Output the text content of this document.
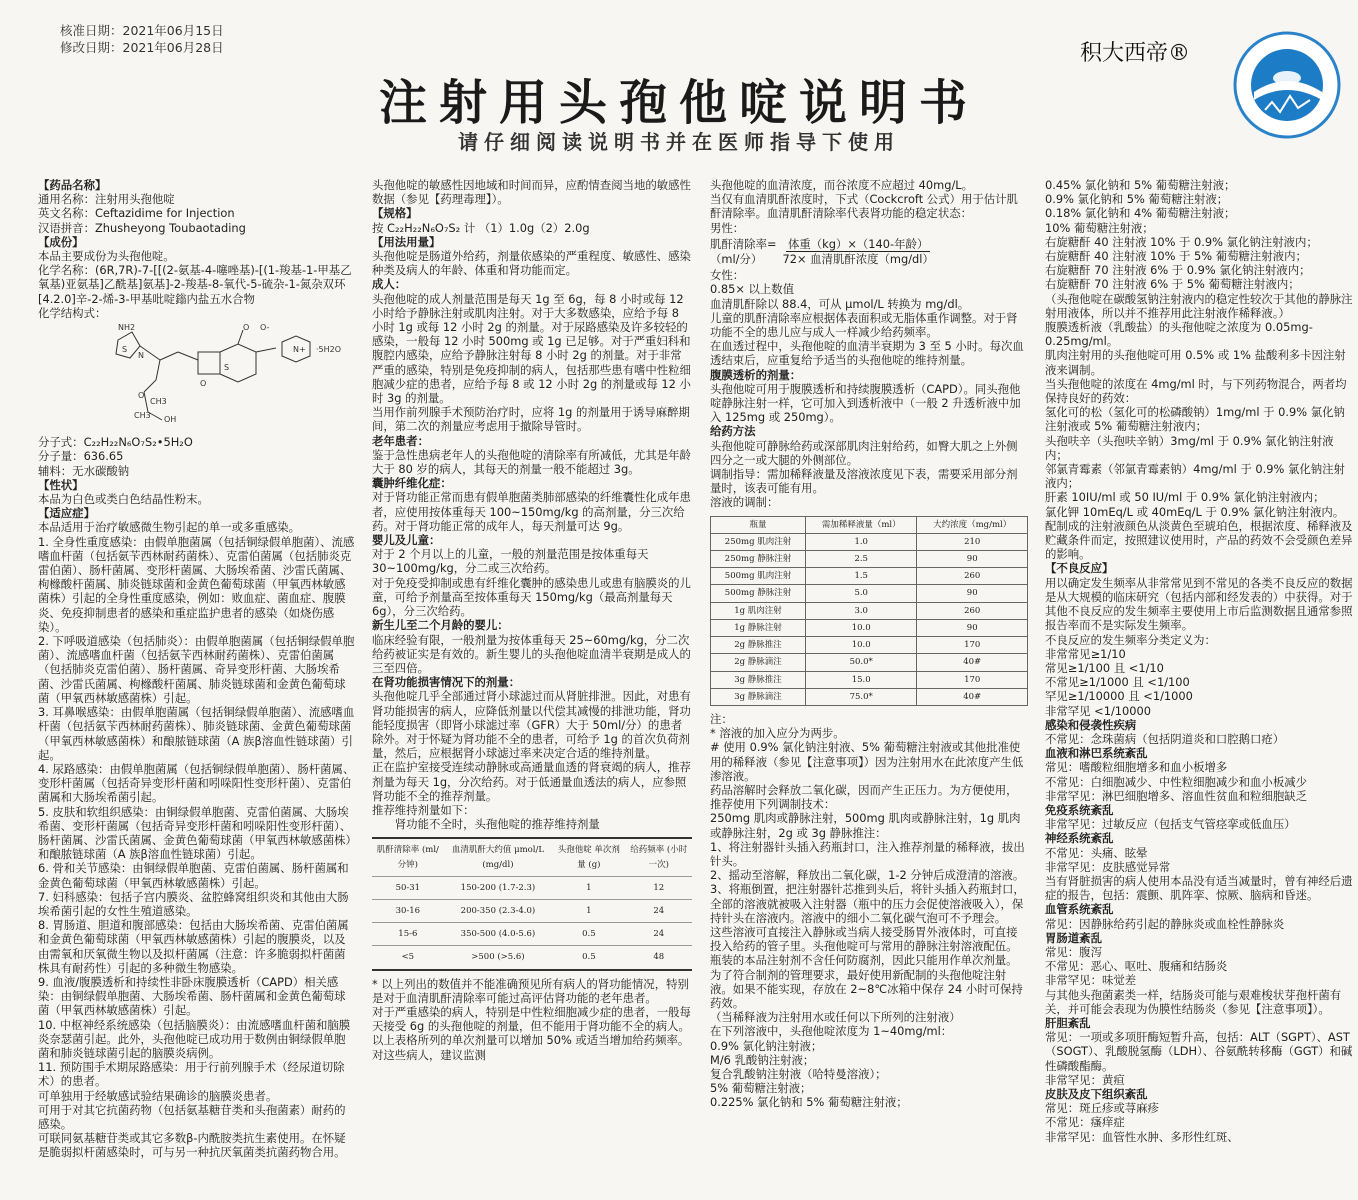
核准日期：2021年06月15日
修改日期：2021年06月28日	积大西帝®
注射用头孢他啶说明书
请仔细阅读说明书并在医师指导下使用

【药品名称】

通用名称：注射用头孢他啶

英文名称：Ceftazidime for Injection

汉语拼音：Zhusheyong Toubaotading

【成份】

本品主要成份为头孢他啶。

化学名称：(6R,7R)-7-[[(2-氨基-4-噻唑基)-[(1-羧基-1-甲基乙氧基)亚氨基]乙酰基]氨基]-2-羧基-8-氧代-5-硫杂-1-氮杂双环[4.2.0]辛-2-烯-3-甲基吡啶鎓内盐五水合物

化学结构式：

NH2
S
N
O
CH3
CH3 OH
O O-
O
S
N+ ·5H2O

分子式：C₂₂H₂₂N₆O₇S₂•5H₂O

分子量：636.65

辅料：无水碳酸钠

【性状】

本品为白色或类白色结晶性粉末。

【适应症】

本品适用于治疗敏感微生物引起的单一或多重感染。

1. 全身性重度感染：由假单胞菌属（包括铜绿假单胞菌）、流感嗜血杆菌（包括氨苄西林耐药菌株）、克雷伯菌属（包括肺炎克雷伯菌）、肠杆菌属、变形杆菌属、大肠埃希菌、沙雷氏菌属、枸橼酸杆菌属、肺炎链球菌和金黄色葡萄球菌（甲氧西林敏感菌株）引起的全身性重度感染，例如：败血症、菌血症、腹膜炎、免疫抑制患者的感染和重症监护患者的感染（如烧伤感染）。

2. 下呼吸道感染（包括肺炎）：由假单胞菌属（包括铜绿假单胞菌）、流感嗜血杆菌（包括氨苄西林耐药菌株）、克雷伯菌属（包括肺炎克雷伯菌）、肠杆菌属、奇异变形杆菌、大肠埃希菌、沙雷氏菌属、枸橼酸杆菌属、肺炎链球菌和金黄色葡萄球菌（甲氧西林敏感菌株）引起。

3. 耳鼻喉感染：由假单胞菌属（包括铜绿假单胞菌）、流感嗜血杆菌（包括氨苄西林耐药菌株）、肺炎链球菌、金黄色葡萄球菌（甲氧西林敏感菌株）和酿脓链球菌（A 族β溶血性链球菌）引起。

4. 尿路感染：由假单胞菌属（包括铜绿假单胞菌）、肠杆菌属、变形杆菌属（包括奇异变形杆菌和吲哚阳性变形杆菌）、克雷伯菌属和大肠埃希菌引起。

5. 皮肤和软组织感染：由铜绿假单胞菌、克雷伯菌属、大肠埃希菌、变形杆菌属（包括奇异变形杆菌和吲哚阳性变形杆菌）、肠杆菌属、沙雷氏菌属、金黄色葡萄球菌（甲氧西林敏感菌株）和酿脓链球菌（A 族β溶血性链球菌）引起。

6. 骨和关节感染：由铜绿假单胞菌、克雷伯菌属、肠杆菌属和金黄色葡萄球菌（甲氧西林敏感菌株）引起。

7. 妇科感染：包括子宫内膜炎、盆腔蜂窝组织炎和其他由大肠埃希菌引起的女性生殖道感染。

8. 胃肠道、胆道和腹部感染：包括由大肠埃希菌、克雷伯菌属和金黄色葡萄球菌（甲氧西林敏感菌株）引起的腹膜炎，以及由需氧和厌氧微生物以及拟杆菌属（注意：许多脆弱拟杆菌菌株具有耐药性）引起的多种微生物感染。

9. 血液/腹膜透析和持续性非卧床腹膜透析（CAPD）相关感染：由铜绿假单胞菌、大肠埃希菌、肠杆菌属和金黄色葡萄球菌（甲氧西林敏感菌株）引起。

10. 中枢神经系统感染（包括脑膜炎）：由流感嗜血杆菌和脑膜炎奈瑟菌引起。此外，头孢他啶已成功用于数例由铜绿假单胞菌和肺炎链球菌引起的脑膜炎病例。

11. 预防围手术期尿路感染：用于行前列腺手术（经尿道切除术）的患者。

可单独用于经敏感试验结果确诊的脑膜炎患者。

可用于对其它抗菌药物（包括氨基糖苷类和头孢菌素）耐药的感染。

可联同氨基糖苷类或其它多数β-内酰胺类抗生素使用。在怀疑是脆弱拟杆菌感染时，可与另一种抗厌氧菌类抗菌药物合用。

头孢他啶的敏感性因地域和时间而异，应酌情查阅当地的敏感性数据（参见【药理毒理】）。

【规格】

按 C₂₂H₂₂N₆O₇S₂ 计 （1）1.0g（2）2.0g

【用法用量】

头孢他啶是肠道外给药，剂量依感染的严重程度、敏感性、感染种类及病人的年龄、体重和肾功能而定。

成人：

头孢他啶的成人剂量范围是每天 1g 至 6g，每 8 小时或每 12 小时给予静脉注射或肌肉注射。对于大多数感染，应给予每 8 小时 1g 或每 12 小时 2g 的剂量。对于尿路感染及许多较轻的感染，一般每 12 小时 500mg 或 1g 已足够。对于严重妇科和腹腔内感染，应给予静脉注射每 8 小时 2g 的剂量。对于非常严重的感染，特别是免疫抑制的病人，包括那些患有嗜中性粒细胞减少症的患者，应给予每 8 或 12 小时 2g 的剂量或每 12 小时 3g 的剂量。

当用作前列腺手术预防治疗时，应将 1g 的剂量用于诱导麻醉期间，第二次的剂量应考虑用于撤除导管时。

老年患者：

鉴于急性患病老年人的头孢他啶的清除率有所减低，尤其是年龄大于 80 岁的病人，其每天的剂量一般不能超过 3g。

囊肿纤维化症：

对于肾功能正常而患有假单胞菌类肺部感染的纤维囊性化成年患者，应使用按体重每天 100~150mg/kg 的高剂量，分三次给药。对于肾功能正常的成年人，每天剂量可达 9g。

婴儿及儿童：

对于 2 个月以上的儿童，一般的剂量范围是按体重每天 30~100mg/kg，分二或三次给药。

对于免疫受抑制或患有纤维化囊肿的感染患儿或患有脑膜炎的儿童，可给予剂量高至按体重每天 150mg/kg（最高剂量每天 6g），分三次给药。

新生儿至二个月龄的婴儿：

临床经验有限，一般剂量为按体重每天 25~60mg/kg，分二次给药被证实是有效的。新生婴儿的头孢他啶血清半衰期是成人的三至四倍。

在肾功能损害情况下的剂量：

头孢他啶几乎全部通过肾小球滤过而从肾脏排泄。因此，对患有肾功能损害的病人，应降低剂量以代偿其减慢的排泄功能，肾功能轻度损害（即肾小球滤过率（GFR）大于 50ml/分）的患者除外。对于怀疑为肾功能不全的患者，可给予 1g 的首次负荷剂量，然后，应根据肾小球滤过率来决定合适的维持剂量。

正在监护室接受连续动静脉或高通量血透的肾衰竭的病人，推荐剂量为每天 1g，分次给药。对于低通量血透法的病人，应参照肾功能不全的推荐剂量。

推荐维持剂量如下：

　　肾功能不全时，头孢他啶的推荐维持剂量

肌酐清除率 (ml/分钟)	血清肌酐大约值 μmol/L (mg/dl)	头孢他啶 单次剂量 (g)	给药频率 (小时一次)
50-31	150-200 (1.7-2.3)	1	12
30-16	200-350 (2.3-4.0)	1	24
15-6	350-500 (4.0-5.6)	0.5	24
<5	>500 (>5.6)	0.5	48

* 以上列出的数值并不能准确预见所有病人的肾功能情况，特别是对于血清肌酐清除率可能过高评估肾功能的老年患者。

对于严重感染的病人，特别是中性粒细胞减少症的患者，一般每天接受 6g 的头孢他啶的剂量，但不能用于肾功能不全的病人。以上表格所列的单次剂量可以增加 50% 或适当增加给药频率。对这些病人，建议监测

头孢他啶的血清浓度，而谷浓度不应超过 40mg/L。

当仅有血清肌酐浓度时，下式（Cockcroft 公式）用于估计肌酐清除率。血清肌酐清除率代表肾功能的稳定状态：

男性：

肌酐清除率=
（ml/分）	$\frac{\text{体重（kg）×（140-年龄）}}{\text{72× 血清肌酐浓度（mg/dl）}}$

女性：

0.85× 以上数值

血清肌酐除以 88.4，可从 μmol/L 转换为 mg/dl。

儿童的肌酐清除率应根据体表面积或无脂体重作调整。对于肾功能不全的患儿应与成人一样减少给药频率。

在血透过程中，头孢他啶的血清半衰期为 3 至 5 小时。每次血透结束后，应重复给予适当的头孢他啶的维持剂量。

腹膜透析的剂量：

头孢他啶可用于腹膜透析和持续腹膜透析（CAPD）。同头孢他啶静脉注射一样，它可加入到透析液中（一般 2 升透析液中加入 125mg 或 250mg）。

给药方法

头孢他啶可静脉给药或深部肌肉注射给药，如臀大肌之上外侧四分之一或大腿的外侧部位。

调制指导：需加稀释液量及溶液浓度见下表，需要采用部分剂量时，该表可能有用。

溶液的调制：

瓶量	需加稀释液量（ml）	大约浓度（mg/ml）
250mg 肌肉注射	1.0	210
250mg 静脉注射	2.5	90
500mg 肌肉注射	1.5	260
500mg 静脉注射	5.0	90
1g 肌肉注射	3.0	260
1g 静脉注射	10.0	90
2g 静脉推注	10.0	170
2g 静脉滴注	50.0*	40#
3g 静脉推注	15.0	170
3g 静脉滴注	75.0*	40#

注：

* 溶液的加入应分为两步。

# 使用 0.9% 氯化钠注射液、5% 葡萄糖注射液或其他批准使用的稀释液（参见【注意事项】）因为注射用水在此浓度产生低渗溶液。

药品溶解时会释放二氧化碳，因而产生正压力。为方便使用，推荐使用下列调制技术：

250mg 肌肉或静脉注射，500mg 肌肉或静脉注射，1g 肌肉或静脉注射，2g 或 3g 静脉推注：

1、将注射器针头插入药瓶封口，注入推荐剂量的稀释液，拔出针头。

2、摇动至溶解，释放出二氧化碳，1-2 分钟后成澄清的溶液。

3、将瓶倒置，把注射器针芯推到头后，将针头插入药瓶封口，全部的溶液就被吸入注射器（瓶中的压力会促使溶液吸入），保持针头在溶液内。溶液中的细小二氧化碳气泡可不予理会。

这些溶液可直接注入静脉或当病人接受肠胃外液体时，可直接投入给药的管子里。头孢他啶可与常用的静脉注射溶液配伍。

瓶装的本品注射剂不含任何防腐剂，因此只能用作单次剂量。

为了符合制剂的管理要求，最好使用新配制的头孢他啶注射液。如果不能实现，存放在 2~8℃冰箱中保存 24 小时可保持药效。

（当稀释液为注射用水或任何以下所列的注射液）

在下列溶液中，头孢他啶浓度为 1~40mg/ml：

0.9% 氯化钠注射液；

M/6 乳酸钠注射液；

复合乳酸钠注射液（哈特曼溶液）；

5% 葡萄糖注射液；

0.225% 氯化钠和 5% 葡萄糖注射液；

0.45% 氯化钠和 5% 葡萄糖注射液；

0.9% 氯化钠和 5% 葡萄糖注射液；

0.18% 氯化钠和 4% 葡萄糖注射液；

10% 葡萄糖注射液；

右旋糖酐 40 注射液 10% 于 0.9% 氯化钠注射液内；

右旋糖酐 40 注射液 10% 于 5% 葡萄糖注射液内；

右旋糖酐 70 注射液 6% 于 0.9% 氯化钠注射液内；

右旋糖酐 70 注射液 6% 于 5% 葡萄糖注射液内；

（头孢他啶在碳酸氢钠注射液内的稳定性较次于其他的静脉注射用液体，所以并不推荐用此注射液作稀释液。）

腹膜透析液（乳酸盐）的头孢他啶之浓度为 0.05mg-0.25mg/ml。

肌肉注射用的头孢他啶可用 0.5% 或 1% 盐酸利多卡因注射液来调制。

当头孢他啶的浓度在 4mg/ml 时，与下列药物混合，两者均保持良好的药效：

氢化可的松（氢化可的松磷酸钠）1mg/ml 于 0.9% 氯化钠注射液或 5% 葡萄糖注射液内；

头孢呋辛（头孢呋辛钠）3mg/ml 于 0.9% 氯化钠注射液内；

邻氯青霉素（邻氯青霉素钠）4mg/ml 于 0.9% 氯化钠注射液内；

肝素 10IU/ml 或 50 IU/ml 于 0.9% 氯化钠注射液内；

氯化钾 10mEq/L 或 40mEq/L 于 0.9% 氯化钠注射液内。

配制成的注射液颜色从淡黄色至琥珀色，根据浓度、稀释液及贮藏条件而定，按照建议使用时，产品的药效不会受颜色差异的影响。

【不良反应】

用以确定发生频率从非常常见到不常见的各类不良反应的数据是从大规模的临床研究（包括内部和经发表的）中获得。对于其他不良反应的发生频率主要使用上市后监测数据且通常参照报告率而不是实际发生频率。

不良反应的发生频率分类定义为：

非常常见≥1/10

常见≥1/100 且 <1/10

不常见≥1/1000 且 <1/100

罕见≥1/10000 且 <1/1000

非常罕见 <1/10000

感染和侵袭性疾病

不常见：念珠菌病（包括阴道炎和口腔鹅口疮）

血液和淋巴系统紊乱

常见：嗜酸粒细胞增多和血小板增多

不常见：白细胞减少、中性粒细胞减少和血小板减少

非常罕见：淋巴细胞增多、溶血性贫血和粒细胞缺乏

免疫系统紊乱

非常罕见：过敏反应（包括支气管痉挛或低血压）

神经系统紊乱

不常见：头痛、眩晕

非常罕见：皮肤感觉异常

当有肾脏损害的病人使用本品没有适当减量时，曾有神经后遗症的报告，包括：震颤、肌阵挛、惊厥、脑病和昏迷。

血管系统紊乱

常见：因静脉给药引起的静脉炎或血栓性静脉炎

胃肠道紊乱

常见：腹泻

不常见：恶心、呕吐、腹痛和结肠炎

非常罕见：味觉差

与其他头孢菌素类一样，结肠炎可能与艰难梭状芽孢杆菌有关，并可能会表现为伪膜性结肠炎（参见【注意事项】）。

肝胆紊乱

常见：一项或多项肝酶短暂升高，包括：ALT（SGPT）、AST（SOGT）、乳酸脱氢酶（LDH）、谷氨酰转移酶（GGT）和碱性磷酸酯酶。

非常罕见：黄疸

皮肤及皮下组织紊乱

常见：斑丘疹或荨麻疹

不常见：瘙痒症

非常罕见：血管性水肿、多形性红斑、
